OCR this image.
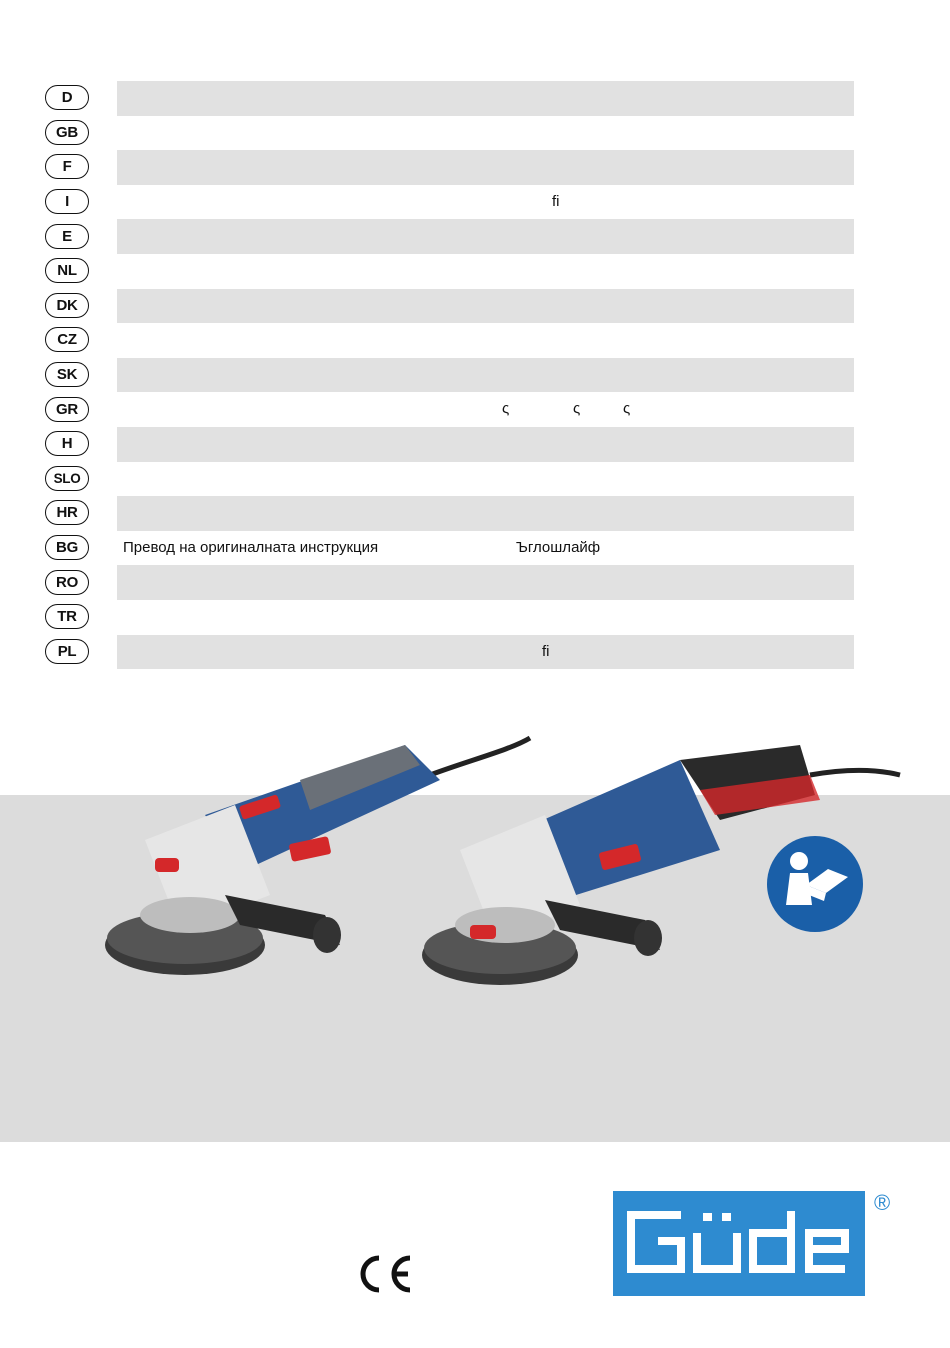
D
GB
F
I	fi
E
NL
DK
CZ
SK
GR	ς	ς	ς
H
SLO
HR
BG	Превод на оригиналната инструкция	Ъглошлайф
RO
TR
PL	fi
®
